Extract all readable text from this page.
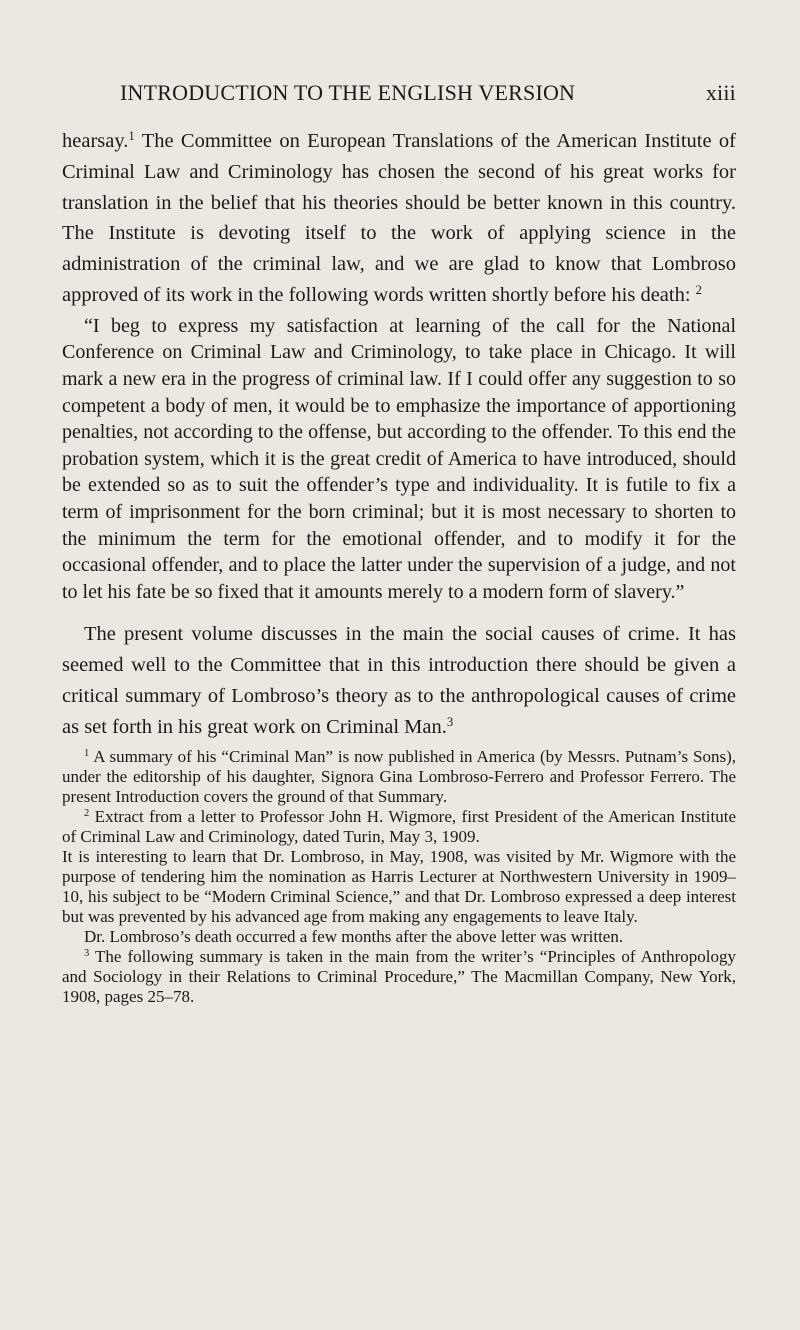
INTRODUCTION TO THE ENGLISH VERSION	xiii

hearsay.$^1$ The Committee on European Translations of the American Institute of Criminal Law and Criminology has chosen the second of his great works for translation in the belief that his theories should be better known in this country. The Institute is devoting itself to the work of applying science in the administration of the criminal law, and we are glad to know that Lombroso approved of its work in the following words written shortly before his death: $^2$

“I beg to express my satisfaction at learning of the call for the National Conference on Criminal Law and Criminology, to take place in Chicago. It will mark a new era in the progress of criminal law. If I could offer any suggestion to so competent a body of men, it would be to emphasize the importance of apportioning penalties, not according to the offense, but according to the offender. To this end the probation system, which it is the great credit of America to have introduced, should be extended so as to suit the offender’s type and individuality. It is futile to fix a term of imprisonment for the born criminal; but it is most necessary to shorten to the minimum the term for the emotional offender, and to modify it for the occasional offender, and to place the latter under the supervision of a judge, and not to let his fate be so fixed that it amounts merely to a modern form of slavery.”

The present volume discusses in the main the social causes of crime. It has seemed well to the Committee that in this introduction there should be given a critical summary of Lombroso’s theory as to the anthropological causes of crime as set forth in his great work on Criminal Man.$^3$

$^1$ A summary of his “Criminal Man” is now published in America (by Messrs. Putnam’s Sons), under the editorship of his daughter, Signora Gina Lombroso-Ferrero and Professor Ferrero. The present Introduction covers the ground of that Summary.

$^2$ Extract from a letter to Professor John H. Wigmore, first President of the American Institute of Criminal Law and Criminology, dated Turin, May 3, 1909.

It is interesting to learn that Dr. Lombroso, in May, 1908, was visited by Mr. Wigmore with the purpose of tendering him the nomination as Harris Lecturer at Northwestern University in 1909–10, his subject to be “Modern Criminal Science,” and that Dr. Lombroso expressed a deep interest but was prevented by his advanced age from making any engagements to leave Italy.

Dr. Lombroso’s death occurred a few months after the above letter was written.

$^3$ The following summary is taken in the main from the writer’s “Principles of Anthropology and Sociology in their Relations to Criminal Procedure,” The Macmillan Company, New York, 1908, pages 25–78.
